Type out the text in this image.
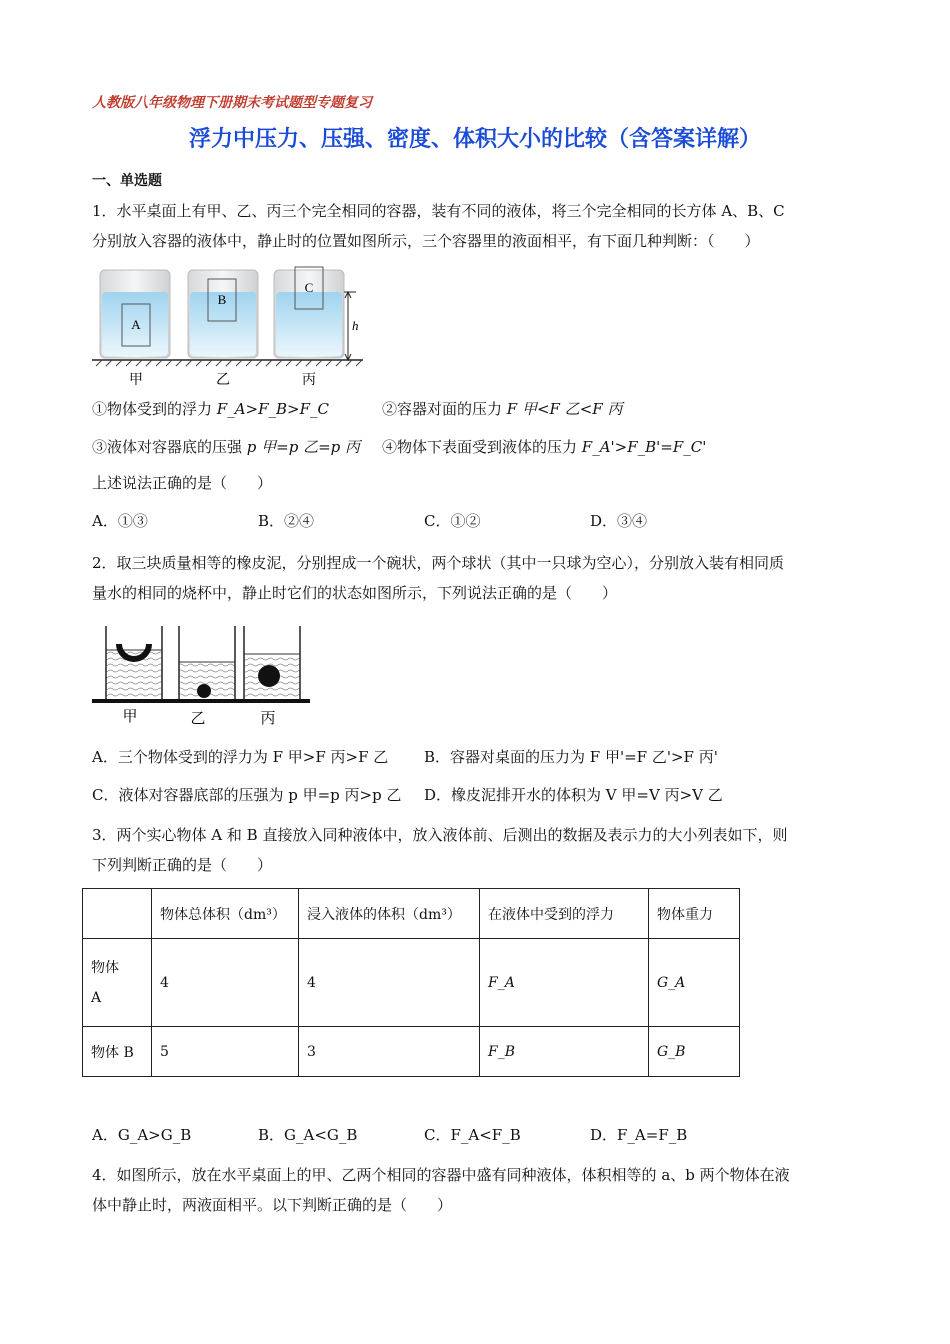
人教版八年级物理下册期末考试题型专题复习
浮力中压力、压强、密度、体积大小的比较（含答案详解）
一、单选题
1．水平桌面上有甲、乙、丙三个完全相同的容器，装有不同的液体，将三个完全相同的长方体 A、B、C
分别放入容器的液体中，静止时的位置如图所示，三个容器里的液面相平，有下面几种判断：（　　）
A
B
C
h
甲	乙	丙
①物体受到的浮力 F_A>F_B>F_C	②容器对面的压力 F 甲<F 乙<F 丙
③液体对容器底的压强 p 甲=p 乙=p 丙 ④物体下表面受到液体的压力 F_A'>F_B'=F_C'
上述说法正确的是（　　）
A．①③	B．②④	C．①②	D．③④
2．取三块质量相等的橡皮泥，分别捏成一个碗状，两个球状（其中一只球为空心），分别放入装有相同质
量水的相同的烧杯中，静止时它们的状态如图所示，下列说法正确的是（　　）
甲	乙	丙
A．三个物体受到的浮力为 F 甲>F 丙>F 乙 B．容器对桌面的压力为 F 甲'=F 乙'>F 丙'
C．液体对容器底部的压强为 p 甲=p 丙>p 乙 D．橡皮泥排开水的体积为 V 甲=V 丙>V 乙
3．两个实心物体 A 和 B 直接放入同种液体中，放入液体前、后测出的数据及表示力的大小列表如下，则
下列判断正确的是（　　）
	物体总体积（dm³）	浸入液体的体积（dm³）	在液体中受到的浮力	物体重力

物体
A	4	4	F_A	G_A
物体 B	5	3	F_B	G_B
A．G_A>G_B	B．G_A<G_B	C．F_A<F_B	D．F_A=F_B
4．如图所示，放在水平桌面上的甲、乙两个相同的容器中盛有同种液体，体积相等的 a、b 两个物体在液
体中静止时，两液面相平。以下判断正确的是（　　）
